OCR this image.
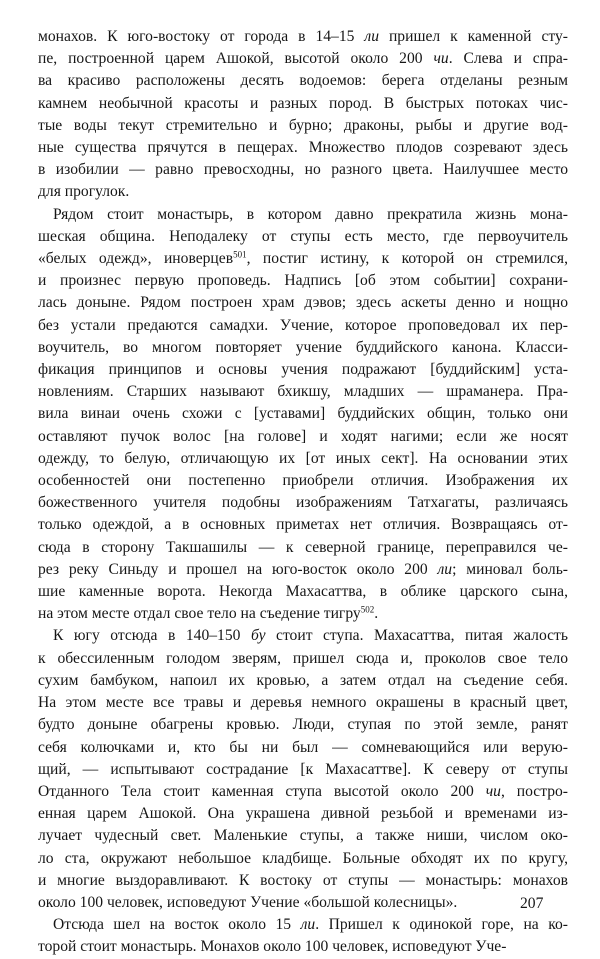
монахов. К юго-востоку от города в 14–15 ли пришел к каменной сту-
пе, построенной царем Ашокой, высотой около 200 чи. Слева и спра-
ва красиво расположены десять водоемов: берега отделаны резным
камнем необычной красоты и разных пород. В быстрых потоках чис-
тые воды текут стремительно и бурно; драконы, рыбы и другие вод-
ные существа прячутся в пещерах. Множество плодов созревают здесь
в изобилии — равно превосходны, но разного цвета. Наилучшее место
для прогулок.
Рядом стоит монастырь, в котором давно прекратила жизнь мона-
шеская община. Неподалеку от ступы есть место, где первоучитель
«белых одежд», иноверцев$^{501}$, постиг истину, к которой он стремился,
и произнес первую проповедь. Надпись [об этом событии] сохрани-
лась доныне. Рядом построен храм дэвов; здесь аскеты денно и нощно
без устали предаются самадхи. Учение, которое проповедовал их пер-
воучитель, во многом повторяет учение буддийского канона. Класси-
фикация принципов и основы учения подражают [буддийским] уста-
новлениям. Старших называют бхикшу, младших — шраманера. Пра-
вила винаи очень схожи с [уставами] буддийских общин, только они
оставляют пучок волос [на голове] и ходят нагими; если же носят
одежду, то белую, отличающую их [от иных сект]. На основании этих
особенностей они постепенно приобрели отличия. Изображения их
божественного учителя подобны изображениям Татхагаты, различаясь
только одеждой, а в основных приметах нет отличия. Возвращаясь от-
сюда в сторону Такшашилы — к северной границе, переправился че-
рез реку Синьду и прошел на юго-восток около 200 ли; миновал боль-
шие каменные ворота. Некогда Махасаттва, в облике царского сына,
на этом месте отдал свое тело на съедение тигру$^{502}$.
К югу отсюда в 140–150 бу стоит ступа. Махасаттва, питая жалость
к обессиленным голодом зверям, пришел сюда и, проколов свое тело
сухим бамбуком, напоил их кровью, а затем отдал на съедение себя.
На этом месте все травы и деревья немного окрашены в красный цвет,
будто доныне обагрены кровью. Люди, ступая по этой земле, ранят
себя колючками и, кто бы ни был — сомневающийся или верую-
щий, — испытывают сострадание [к Махасаттве]. К северу от ступы
Отданного Тела стоит каменная ступа высотой около 200 чи, постро-
енная царем Ашокой. Она украшена дивной резьбой и временами из-
лучает чудесный свет. Маленькие ступы, а также ниши, числом око-
ло ста, окружают небольшое кладбище. Больные обходят их по кругу,
и многие выздоравливают. К востоку от ступы — монастырь: монахов
около 100 человек, исповедуют Учение «большой колесницы».
Отсюда шел на восток около 15 ли. Пришел к одинокой горе, на ко-
торой стоит монастырь. Монахов около 100 человек, исповедуют Уче-
207
